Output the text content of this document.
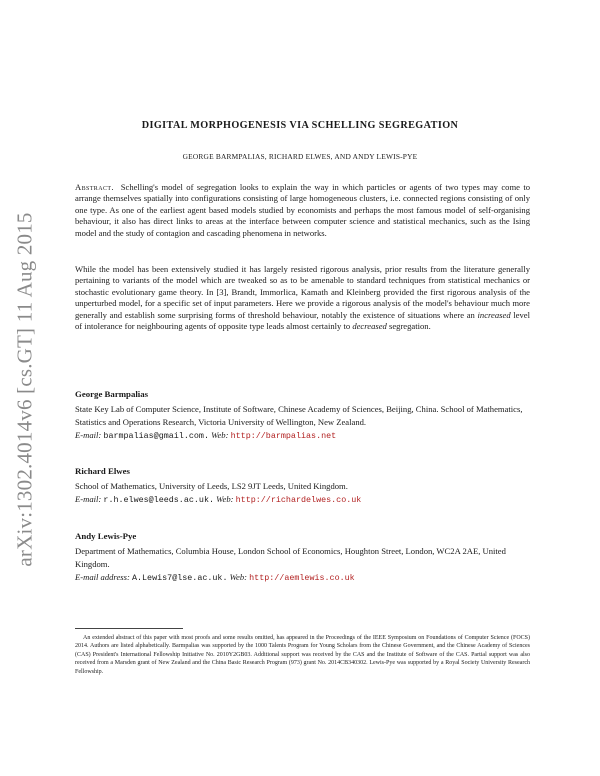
arXiv:1302.4014v6 [cs.GT] 11 Aug 2015
DIGITAL MORPHOGENESIS VIA SCHELLING SEGREGATION
GEORGE BARMPALIAS, RICHARD ELWES, AND ANDY LEWIS-PYE
Abstract. Schelling's model of segregation looks to explain the way in which particles or agents of two types may come to arrange themselves spatially into configurations consisting of large homogeneous clusters, i.e. connected regions consisting of only one type. As one of the earliest agent based models studied by economists and perhaps the most famous model of self-organising behaviour, it also has direct links to areas at the interface between computer science and statistical mechanics, such as the Ising model and the study of contagion and cascading phenomena in networks.
While the model has been extensively studied it has largely resisted rigorous analysis, prior results from the literature generally pertaining to variants of the model which are tweaked so as to be amenable to standard techniques from statistical mechanics or stochastic evolutionary game theory. In [3], Brandt, Immorlica, Kamath and Kleinberg provided the first rigorous analysis of the unperturbed model, for a specific set of input parameters. Here we provide a rigorous analysis of the model's behaviour much more generally and establish some surprising forms of threshold behaviour, notably the existence of situations where an increased level of intolerance for neighbouring agents of opposite type leads almost certainly to decreased segregation.
George Barmpalias
State Key Lab of Computer Science, Institute of Software, Chinese Academy of Sciences, Beijing, China. School of Mathematics, Statistics and Operations Research, Victoria University of Wellington, New Zealand.
E-mail: barmpalias@gmail.com. Web: http://barmpalias.net
Richard Elwes
School of Mathematics, University of Leeds, LS2 9JT Leeds, United Kingdom.
E-mail: r.h.elwes@leeds.ac.uk. Web: http://richardelwes.co.uk
Andy Lewis-Pye
Department of Mathematics, Columbia House, London School of Economics, Houghton Street, London, WC2A 2AE, United Kingdom.
E-mail address: A.Lewis7@lse.ac.uk. Web: http://aemlewis.co.uk
An extended abstract of this paper with most proofs and some results omitted, has appeared in the Proceedings of the IEEE Symposium on Foundations of Computer Science (FOCS) 2014. Authors are listed alphabetically. Barmpalias was supported by the 1000 Talents Program for Young Scholars from the Chinese Government, and the Chinese Academy of Sciences (CAS) President's International Fellowship Initiative No. 2010Y2GB03. Additional support was received by the CAS and the Institute of Software of the CAS. Partial support was also received from a Marsden grant of New Zealand and the China Basic Research Program (973) grant No. 2014CB340302. Lewis-Pye was supported by a Royal Society University Research Fellowship.
